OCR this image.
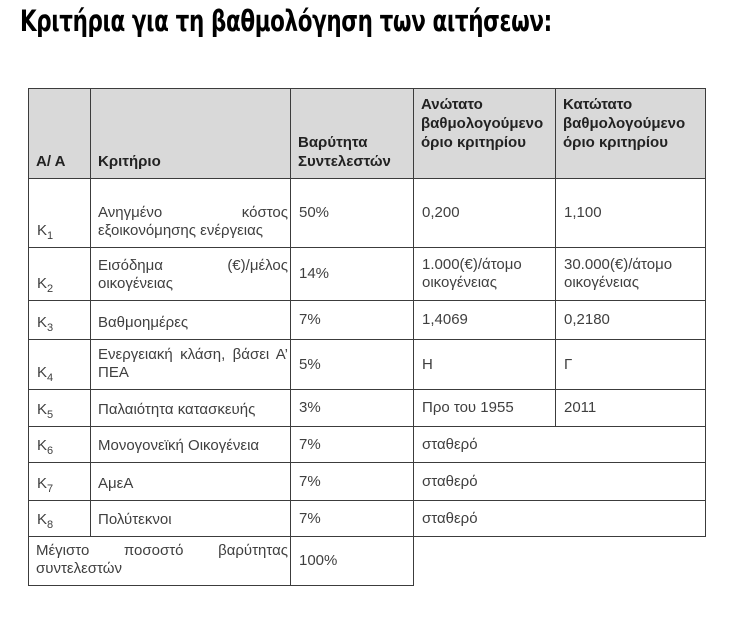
Κριτήρια για τη βαθμολόγηση των αιτήσεων:
Α/ Α	Κριτήριο	Βαρύτητα Συντελεστών	Ανώτατο βαθμολογούμενο όριο κριτηρίου	Κατώτατο βαθμολογούμενο όριο κριτηρίου
$K_1$	Ανηγμένο κόστος εξοικονόμησης ενέργειας	50%	0,200	1,100
$K_2$	Εισόδημα (€)/μέλος οικογένειας	14%	1.000(€)/άτομο οικογένειας	30.000(€)/άτομο οικογένειας
$K_3$	Βαθμοημέρες	7%	1,4069	0,2180
$K_4$	Ενεργειακή κλάση, βάσει Α’ ΠΕΑ	5%	Η	Γ
$K_5$	Παλαιότητα κατασκευής	3%	Προ του 1955	2011
$K_6$	Μονογονεϊκή Οικογένεια	7%	σταθερό	
$K_7$	ΑμεΑ	7%	σταθερό	
$K_8$	Πολύτεκνοι	7%	σταθερό	
Μέγιστο ποσοστό βαρύτητας συντελεστών		100%		
